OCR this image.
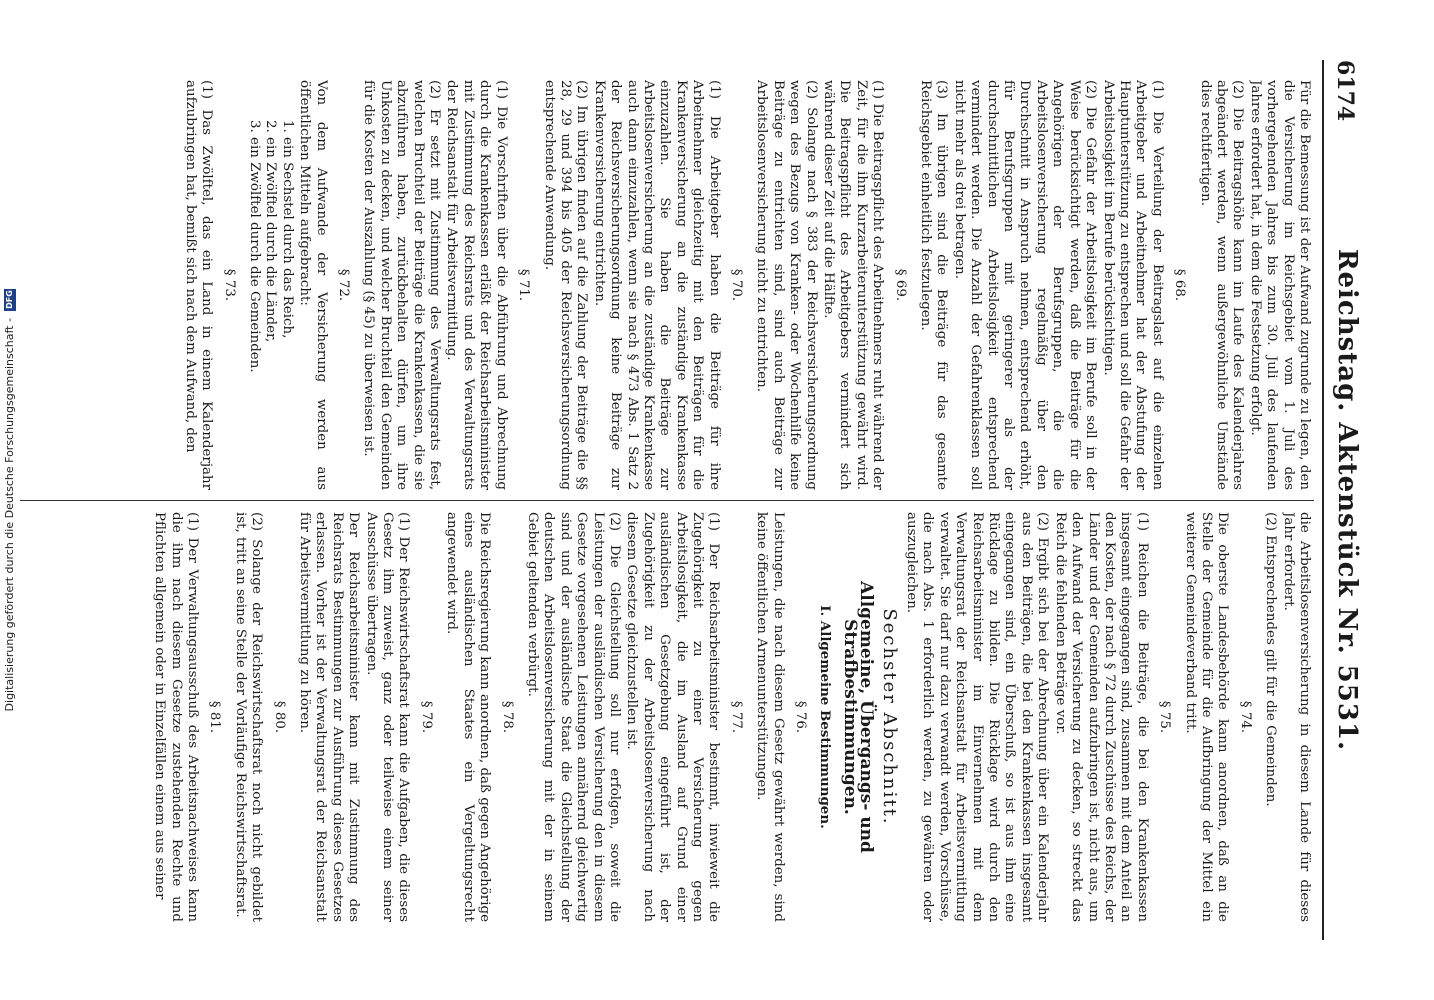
6174
Reichstag. Aktenstück Nr. 5531.

Für die Bemessung ist der Aufwand zugrunde zu legen, den die Versicherung im Reichsgebiet vom 1. Juli des vorhergehenden Jahres bis zum 30. Juli des laufenden Jahres erfordert hat, in dem die Festsetzung erfolgt.

(2) Die Beitragshöhe kann im Laufe des Kalenderjahres abgeändert werden, wenn außergewöhnliche Umstände dies rechtfertigen.

§ 68.

(1) Die Verteilung der Beitragslast auf die einzelnen Arbeitgeber und Arbeitnehmer hat der Abstufung der Hauptunterstützung zu entsprechen und soll die Gefahr der Arbeitslosigkeit im Berufe berücksichtigen.

(2) Die Gefahr der Arbeitslosigkeit im Berufe soll in der Weise berücksichtigt werden, daß die Beiträge für die Angehörigen der Berufsgruppen, die die Arbeitslosenversicherung regelmäßig über den Durchschnitt in Anspruch nehmen, entsprechend erhöht, für Berufsgruppen mit geringerer als der durchschnittlichen Arbeitslosigkeit entsprechend vermindert werden. Die Anzahl der Gefahrenklassen soll nicht mehr als drei betragen.

(3) Im übrigen sind die Beiträge für das gesamte Reichsgebiet einheitlich festzulegen.

§ 69.

(1) Die Beitragspflicht des Arbeitnehmers ruht während der Zeit, für die ihm Kurzarbeiterunterstützung gewährt wird. Die Beitragspflicht des Arbeitgebers vermindert sich während dieser Zeit auf die Hälfte.

(2) Solange nach § 383 der Reichsversicherungsordnung wegen des Bezugs von Kranken- oder Wochenhilfe keine Beiträge zu entrichten sind, sind auch Beiträge zur Arbeitslosenversicherung nicht zu entrichten.

§ 70.

(1) Die Arbeitgeber haben die Beiträge für ihre Arbeitnehmer gleichzeitig mit den Beiträgen für die Krankenversicherung an die zuständige Krankenkasse einzuzahlen. Sie haben die Beiträge zur Arbeitslosenversicherung an die zuständige Krankenkasse auch dann einzuzahlen, wenn sie nach § 473 Abs. 1 Satz 2 der Reichsversicherungsordnung keine Beiträge zur Krankenversicherung entrichten.

(2) Im übrigen finden auf die Zahlung der Beiträge die §§ 28, 29 und 394 bis 405 der Reichsversicherungsordnung entsprechende Anwendung.

§ 71.

(1) Die Vorschriften über die Abführung und Abrechnung durch die Krankenkassen erläßt der Reichsarbeitsminister mit Zustimmung des Reichsrats und des Verwaltungsrats der Reichsanstalt für Arbeitsvermittlung.

(2) Er setzt mit Zustimmung des Verwaltungsrats fest, welchen Bruchteil der Beiträge die Krankenkassen, die sie abzuführen haben, zurückbehalten dürfen, um ihre Unkosten zu decken, und welcher Bruchteil den Gemeinden für die Kosten der Auszahlung (§ 45) zu überweisen ist.

§ 72.

Von dem Aufwande der Versicherung werden aus öffentlichen Mitteln aufgebracht:

1. ein Sechstel durch das Reich,
2. ein Zwölftel durch die Länder,
3. ein Zwölftel durch die Gemeinden.
§ 73.

(1) Das Zwölftel, das ein Land in einem Kalenderjahr aufzubringen hat, bemißt sich nach dem Aufwand, den

die Arbeitslosenversicherung in diesem Lande für dieses Jahr erfordert.

(2) Entsprechendes gilt für die Gemeinden.

§ 74.

Die oberste Landesbehörde kann anordnen, daß an die Stelle der Gemeinde für die Aufbringung der Mittel ein weiterer Gemeindeverband tritt.

§ 75.

(1) Reichen die Beiträge, die bei den Krankenkassen insgesamt eingegangen sind, zusammen mit dem Anteil an den Kosten, der nach § 72 durch Zuschüsse des Reichs, der Länder und der Gemeinden aufzubringen ist, nicht aus, um den Aufwand der Versicherung zu decken, so streckt das Reich die fehlenden Beträge vor.

(2) Ergibt sich bei der Abrechnung über ein Kalenderjahr aus den Beiträgen, die bei den Krankenkassen insgesamt eingegangen sind, ein Überschuß, so ist aus ihm eine Rücklage zu bilden. Die Rücklage wird durch den Reichsarbeitsminister im Einvernehmen mit dem Verwaltungsrat der Reichsanstalt für Arbeitsvermittlung verwaltet. Sie darf nur dazu verwandt werden, Vorschüsse, die nach Abs. 1 erforderlich werden, zu gewähren oder auszugleichen.

Sechster Abschnitt.
Allgemeine, Übergangs- und Strafbestimmungen.
I. Allgemeine Bestimmungen.
§ 76.

Leistungen, die nach diesem Gesetz gewährt werden, sind keine öffentlichen Armenunterstützungen.

§ 77.

(1) Der Reichsarbeitsminister bestimmt, inwieweit die Zugehörigkeit zu einer Versicherung gegen Arbeitslosigkeit, die im Ausland auf Grund einer ausländischen Gesetzgebung eingeführt ist, der Zugehörigkeit zu der Arbeitslosenversicherung nach diesem Gesetze gleichzustellen ist.

(2) Die Gleichstellung soll nur erfolgen, soweit die Leistungen der ausländischen Versicherung den in diesem Gesetze vorgesehenen Leistungen annähernd gleichwertig sind und der ausländische Staat die Gleichstellung der deutschen Arbeitslosenversicherung mit der in seinem Gebiet geltenden verbürgt.

§ 78.

Die Reichsregierung kann anordnen, daß gegen Angehörige eines ausländischen Staates ein Vergeltungsrecht angewendet wird.

§ 79.

(1) Der Reichswirtschaftsrat kann die Aufgaben, die dieses Gesetz ihm zuweist, ganz oder teilweise einem seiner Ausschüsse übertragen.

Der Reichsarbeitsminister kann mit Zustimmung des Reichsrats Bestimmungen zur Ausführung dieses Gesetzes erlassen. Vorher ist der Verwaltungsrat der Reichsanstalt für Arbeitsvermittlung zu hören.

§ 80.

(2) Solange der Reichswirtschaftsrat noch nicht gebildet ist, tritt an seine Stelle der Vorläufige Reichswirtschaftsrat.

§ 81.

(1) Der Verwaltungsausschuß des Arbeitsnachweises kann die ihm nach diesem Gesetze zustehenden Rechte und Pflichten allgemein oder in Einzelfällen einem aus seiner

Digitalisierung gefördert durch die Deutsche Forschungsgemeinschaft - DFG
